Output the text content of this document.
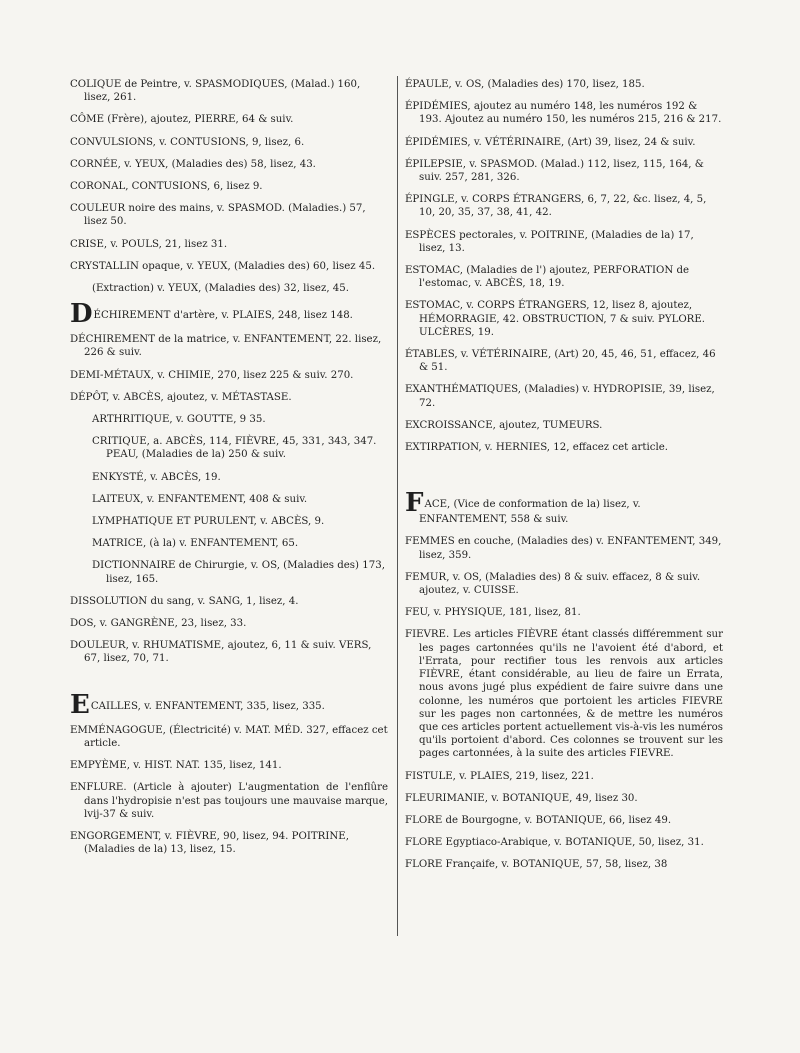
COLIQUE de Peintre, v. SPASMODIQUES, (Malad.) 160, lisez, 261.
CÔME (Frère), ajoutez, PIERRE, 64 & suiv.
CONVULSIONS, v. CONTUSIONS, 9, lisez, 6.
CORNÉE, v. YEUX, (Maladies des) 58, lisez, 43.
CORONAL, CONTUSIONS, 6, lisez 9.
COULEUR noire des mains, v. SPASMOD. (Maladies.) 57, lisez 50.
CRISE, v. POULS, 21, lisez 31.
CRYSTALLIN opaque, v. YEUX, (Maladies des) 60, lisez 45.
(Extraction) v. YEUX, (Maladies des) 32, lisez, 45.
DÉCHIREMENT d'artère, v. PLAIES, 248, lisez 148.
DÉCHIREMENT de la matrice, v. ENFANTEMENT, 22. lisez, 226 & suiv.
DEMI-MÉTAUX, v. CHIMIE, 270, lisez 225 & suiv. 270.
DÉPÔT, v. ABCÈS, ajoutez, v. MÉTASTASE.
ARTHRITIQUE, v. GOUTTE, 9 35.
CRITIQUE, a. ABCÈS, 114, FIÈVRE, 45, 331, 343, 347. PEAU, (Maladies de la) 250 & suiv.
ENKYSTÉ, v. ABCÈS, 19.
LAITEUX, v. ENFANTEMENT, 408 & suiv.
LYMPHATIQUE ET PURULENT, v. ABCÈS, 9.
MATRICE, (à la) v. ENFANTEMENT, 65.
DICTIONNAIRE de Chirurgie, v. OS, (Maladies des) 173, lisez, 165.
DISSOLUTION du sang, v. SANG, 1, lisez, 4.
DOS, v. GANGRÈNE, 23, lisez, 33.
DOULEUR, v. RHUMATISME, ajoutez, 6, 11 & suiv. VERS, 67, lisez, 70, 71.
ECAILLES, v. ENFANTEMENT, 335, lisez, 335.
EMMÉNAGOGUE, (Électricité) v. MAT. MÉD. 327, effacez cet article.
EMPYÈME, v. HIST. NAT. 135, lisez, 141.
ENFLURE. (Article à ajouter) L'augmentation de l'enflûre dans l'hydropisie n'est pas toujours une mauvaise marque, lvij-37 & suiv.
ENGORGEMENT, v. FIÈVRE, 90, lisez, 94. POITRINE, (Maladies de la) 13, lisez, 15.
ÉPAULE, v. OS, (Maladies des) 170, lisez, 185.
ÉPIDÉMIES, ajoutez au numéro 148, les numéros 192 & 193. Ajoutez au numéro 150, les numéros 215, 216 & 217.
ÉPIDÉMIES, v. VÉTÉRINAIRE, (Art) 39, lisez, 24 & suiv.
ÉPILEPSIE, v. SPASMOD. (Malad.) 112, lisez, 115, 164, & suiv. 257, 281, 326.
ÉPINGLE, v. CORPS ÉTRANGERS, 6, 7, 22, &c. lisez, 4, 5, 10, 20, 35, 37, 38, 41, 42.
ESPÈCES pectorales, v. POITRINE, (Maladies de la) 17, lisez, 13.
ESTOMAC, (Maladies de l') ajoutez, PERFORATION de l'estomac, v. ABCÈS, 18, 19.
ESTOMAC, v. CORPS ÉTRANGERS, 12, lisez 8, ajoutez, HÉMORRAGIE, 42. OBSTRUCTION, 7 & suiv. PYLORE. ULCÈRES, 19.
ÉTABLES, v. VÉTÉRINAIRE, (Art) 20, 45, 46, 51, effacez, 46 & 51.
EXANTHÉMATIQUES, (Maladies) v. HYDROPISIE, 39, lisez, 72.
EXCROISSANCE, ajoutez, TUMEURS.
EXTIRPATION, v. HERNIES, 12, effacez cet article.
FACE, (Vice de conformation de la) lisez, v. ENFANTEMENT, 558 & suiv.
FEMMES en couche, (Maladies des) v. ENFANTEMENT, 349, lisez, 359.
FEMUR, v. OS, (Maladies des) 8 & suiv. effacez, 8 & suiv. ajoutez, v. CUISSE.
FEU, v. PHYSIQUE, 181, lisez, 81.
FIEVRE. Les articles FIÈVRE étant classés différemment sur les pages cartonnées qu'ils ne l'avoient été d'abord, et l'Errata, pour rectifier tous les renvois aux articles FIÈVRE, étant considérable, au lieu de faire un Errata, nous avons jugé plus expédient de faire suivre dans une colonne, les numéros que portoient les articles FIEVRE sur les pages non cartonnées, & de mettre les numéros que ces articles portent actuellement vis-à-vis les numéros qu'ils portoient d'abord. Ces colonnes se trouvent sur les pages cartonnées, à la suite des articles FIEVRE.
FISTULE, v. PLAIES, 219, lisez, 221.
FLEURIMANIE, v. BOTANIQUE, 49, lisez 30.
FLORE de Bourgogne, v. BOTANIQUE, 66, lisez 49.
FLORE Egyptiaco-Arabique, v. BOTANIQUE, 50, lisez, 31.
FLORE Françaife, v. BOTANIQUE, 57, 58, lisez, 38
